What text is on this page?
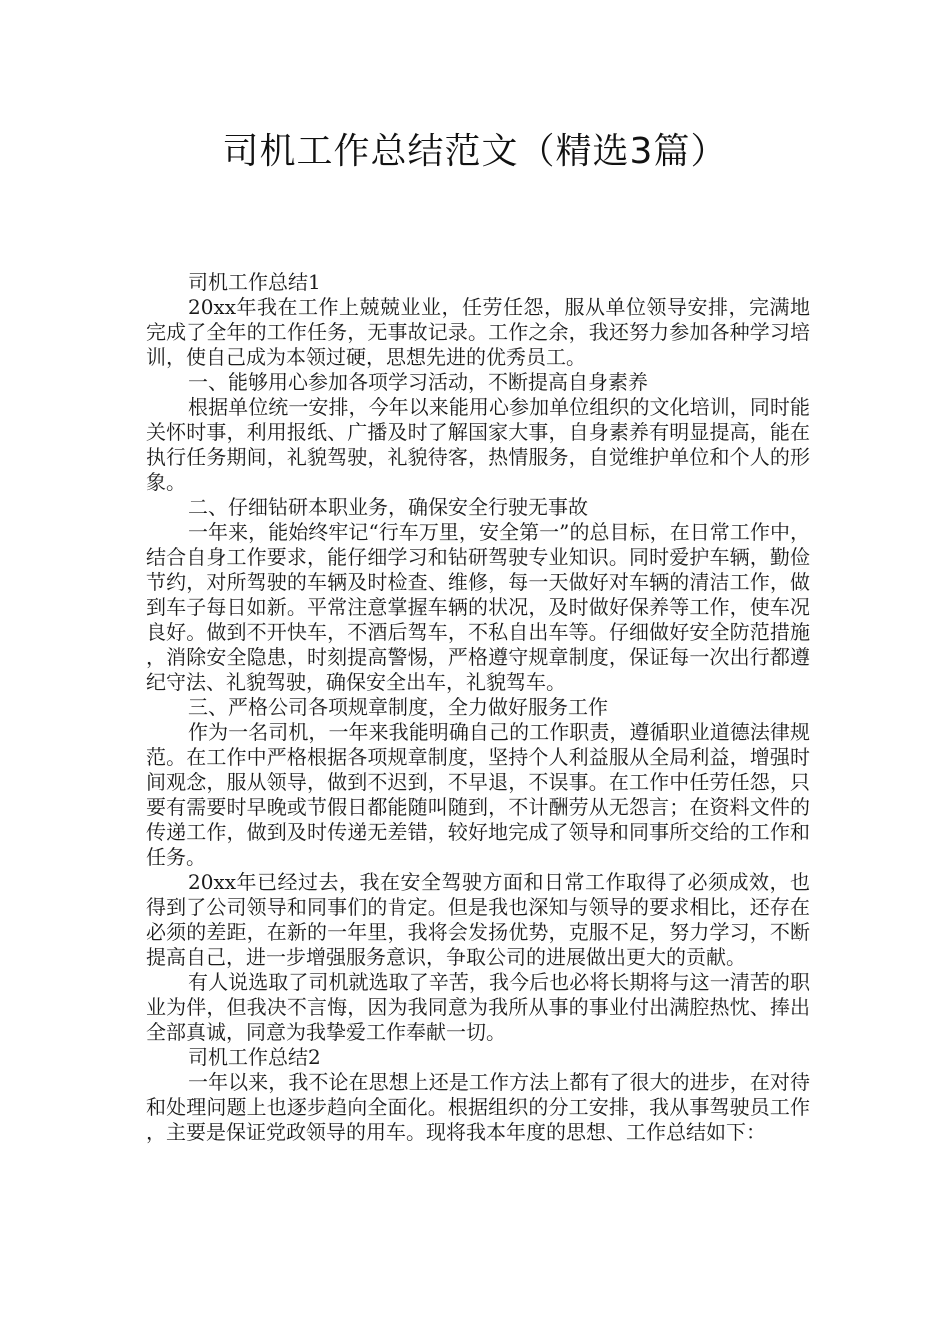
司机工作总结范文（精选3篇）

司机工作总结1

20xx年我在工作上兢兢业业，任劳任怨，服从单位领导安排，完满地完成了全年的工作任务，无事故记录。工作之余，我还努力参加各种学习培训，使自己成为本领过硬，思想先进的优秀员工。

一、能够用心参加各项学习活动，不断提高自身素养

根据单位统一安排，今年以来能用心参加单位组织的文化培训，同时能关怀时事，利用报纸、广播及时了解国家大事，自身素养有明显提高，能在执行任务期间，礼貌驾驶，礼貌待客，热情服务，自觉维护单位和个人的形象。

二、仔细钻研本职业务，确保安全行驶无事故

一年来，能始终牢记“行车万里，安全第一”的总目标，在日常工作中，结合自身工作要求，能仔细学习和钻研驾驶专业知识。同时爱护车辆，勤俭节约，对所驾驶的车辆及时检查、维修，每一天做好对车辆的清洁工作，做到车子每日如新。平常注意掌握车辆的状况，及时做好保养等工作，使车况良好。做到不开快车，不酒后驾车，不私自出车等。仔细做好安全防范措施，消除安全隐患，时刻提高警惕，严格遵守规章制度，保证每一次出行都遵纪守法、礼貌驾驶，确保安全出车，礼貌驾车。

三、严格公司各项规章制度，全力做好服务工作

作为一名司机，一年来我能明确自己的工作职责，遵循职业道德法律规范。在工作中严格根据各项规章制度，坚持个人利益服从全局利益，增强时间观念，服从领导，做到不迟到，不早退，不误事。在工作中任劳任怨，只要有需要时早晚或节假日都能随叫随到，不计酬劳从无怨言；在资料文件的传递工作，做到及时传递无差错，较好地完成了领导和同事所交给的工作和任务。

20xx年已经过去，我在安全驾驶方面和日常工作取得了必须成效，也得到了公司领导和同事们的肯定。但是我也深知与领导的要求相比，还存在必须的差距，在新的一年里，我将会发扬优势，克服不足，努力学习，不断提高自己，进一步增强服务意识，争取公司的进展做出更大的贡献。

有人说选取了司机就选取了辛苦，我今后也必将长期将与这一清苦的职业为伴，但我决不言悔，因为我同意为我所从事的事业付出满腔热忱、捧出全部真诚，同意为我挚爱工作奉献一切。

司机工作总结2

一年以来，我不论在思想上还是工作方法上都有了很大的进步，在对待和处理问题上也逐步趋向全面化。根据组织的分工安排，我从事驾驶员工作，主要是保证党政领导的用车。现将我本年度的思想、工作总结如下：
